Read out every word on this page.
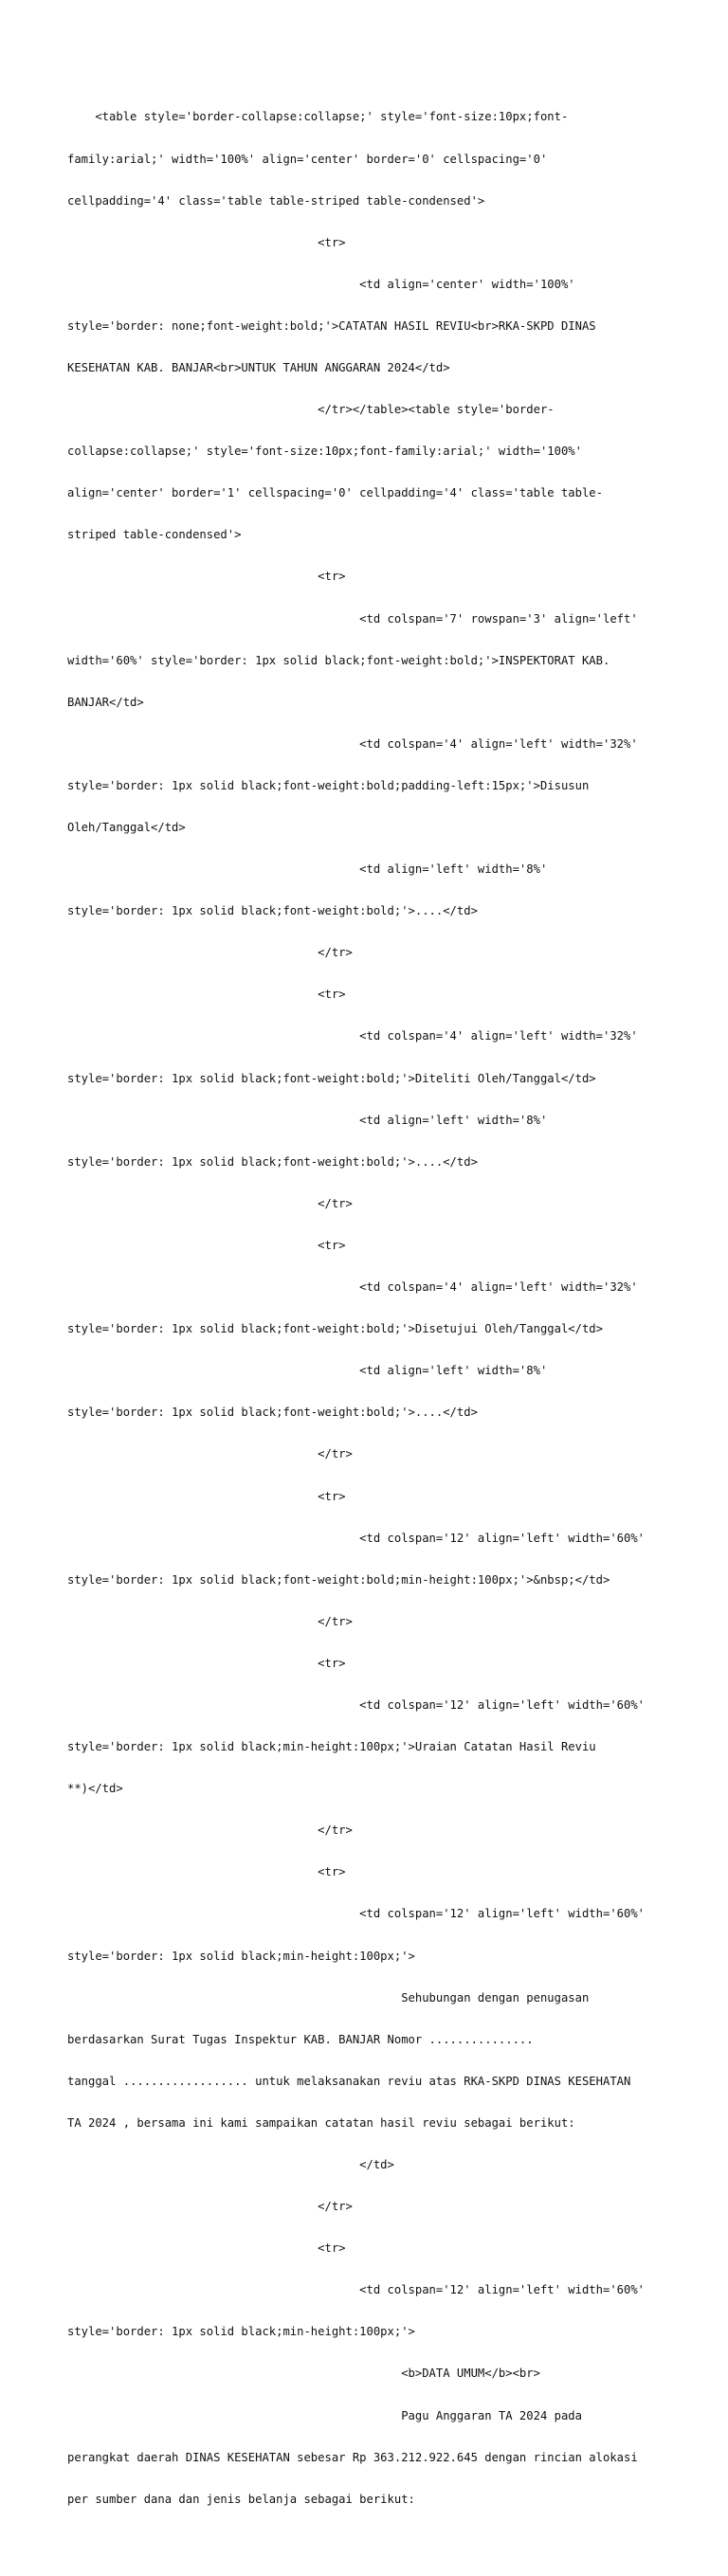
<table style='border-collapse:collapse;' style='font-size:10px;font-

family:arial;' width='100%' align='center' border='0' cellspacing='0'

cellpadding='4' class='table table-striped table-condensed'>

<tr>

<td align='center' width='100%'

style='border: none;font-weight:bold;'>CATATAN HASIL REVIU<br>RKA-SKPD DINAS

KESEHATAN KAB. BANJAR<br>UNTUK TAHUN ANGGARAN 2024</td>

</tr></table><table style='border-

collapse:collapse;' style='font-size:10px;font-family:arial;' width='100%'

align='center' border='1' cellspacing='0' cellpadding='4' class='table table-

striped table-condensed'>

<tr>

<td colspan='7' rowspan='3' align='left'

width='60%' style='border: 1px solid black;font-weight:bold;'>INSPEKTORAT KAB.

BANJAR</td>

<td colspan='4' align='left' width='32%'

style='border: 1px solid black;font-weight:bold;padding-left:15px;'>Disusun

Oleh/Tanggal</td>

<td align='left' width='8%'

style='border: 1px solid black;font-weight:bold;'>....</td>

</tr>

<tr>

<td colspan='4' align='left' width='32%'

style='border: 1px solid black;font-weight:bold;'>Diteliti Oleh/Tanggal</td>

<td align='left' width='8%'

style='border: 1px solid black;font-weight:bold;'>....</td>

</tr>

<tr>

<td colspan='4' align='left' width='32%'

style='border: 1px solid black;font-weight:bold;'>Disetujui Oleh/Tanggal</td>

<td align='left' width='8%'

style='border: 1px solid black;font-weight:bold;'>....</td>

</tr>

<tr>

<td colspan='12' align='left' width='60%'

style='border: 1px solid black;font-weight:bold;min-height:100px;'>&nbsp;</td>

</tr>

<tr>

<td colspan='12' align='left' width='60%'

style='border: 1px solid black;min-height:100px;'>Uraian Catatan Hasil Reviu

**)</td>

</tr>

<tr>

<td colspan='12' align='left' width='60%'

style='border: 1px solid black;min-height:100px;'>

Sehubungan dengan penugasan

berdasarkan Surat Tugas Inspektur KAB. BANJAR Nomor ...............

tanggal .................. untuk melaksanakan reviu atas RKA-SKPD DINAS KESEHATAN

TA 2024 , bersama ini kami sampaikan catatan hasil reviu sebagai berikut:

</td>

</tr>

<tr>

<td colspan='12' align='left' width='60%'

style='border: 1px solid black;min-height:100px;'>

<b>DATA UMUM</b><br>

Pagu Anggaran TA 2024 pada

perangkat daerah DINAS KESEHATAN sebesar Rp 363.212.922.645 dengan rincian alokasi

per sumber dana dan jenis belanja sebagai berikut:
